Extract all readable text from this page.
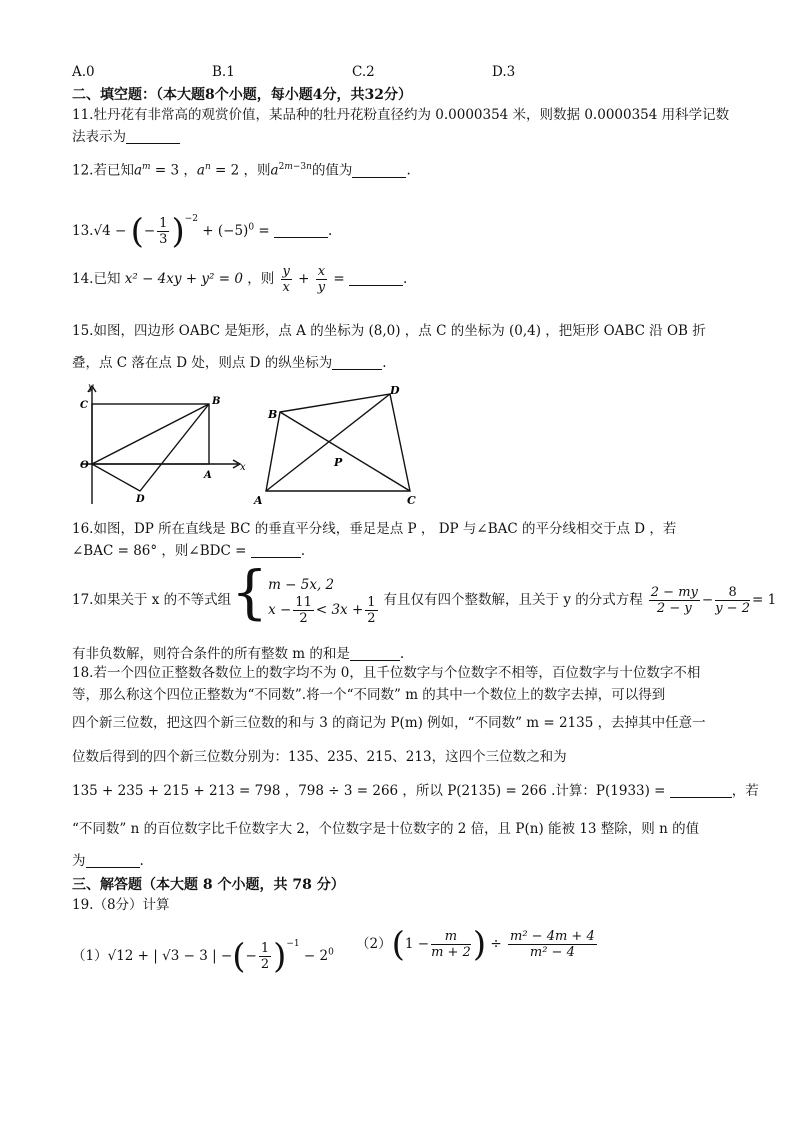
A.0	B.1	C.2	D.3
二、填空题：（本大题8个小题，每小题4分，共32分）
11.牡丹花有非常高的观赏价值，某品种的牡丹花粉直径约为 0.0000354 米，则数据 0.0000354 用科学记数
法表示为
12.若已知$a^m = 3$ ，$a^n = 2$ ，则$a^{2m-3n}$的值为	.
13.√4 − (− $\frac{1}{3} )^{-2} + (-5)^0$ =	.
14.已知 x² − 4xy + y² = 0 ，则 $\frac{y}{x} + \frac{x}{y}$ =	.
15.如图，四边形 OABC 是矩形，点 A 的坐标为 (8,0) ，点 C 的坐标为 (0,4) ，把矩形 OABC 沿 OB 折
叠，点 C 落在点 D 处，则点 D 的纵坐标为	.
y
x
C	B
O
A
D
B
D
P
A	C
16.如图，DP 所在直线是 BC 的垂直平分线，垂足是点 P ， DP 与∠BAC 的平分线相交于点 D ，若
∠BAC = 86° ，则∠BDC =	.
17.如果关于 x 的不等式组{ m − 5x, 2
$x - \frac{11}{2} < 3x + \frac{1}{2}$ 有且仅有四个整数解，且关于 y 的分式方程 $\frac{2 - my}{2 - y} - \frac{8}{y - 2} = 1$
有非负数解，则符合条件的所有整数 m 的和是	.
18.若一个四位正整数各数位上的数字均不为 0，且千位数字与个位数字不相等，百位数字与十位数字不相
等，那么称这个四位正整数为“不同数”.将一个“不同数” m 的其中一个数位上的数字去掉，可以得到
四个新三位数，把这四个新三位数的和与 3 的商记为 P(m) 例如，“不同数” m = 2135 ，去掉其中任意一
位数后得到的四个新三位数分别为：135、235、215、213，这四个三位数之和为
135 + 235 + 215 + 213 = 798 ，798 ÷ 3 = 266 ，所以 P(2135) = 266 .计算：P(1933) =	，若
“不同数” n 的百位数字比千位数字大 2，个位数字是十位数字的 2 倍，且 P(n) 能被 13 整除，则 n 的值
为	.
三、解答题（本大题 8 个小题，共 78 分）
19.（8分）计算
（1）√12 + | √3 − 3 | −(− $\frac{1}{2} )^{-1} - 2^0$
$(2)(1 - \frac{m}{m + 2}$ ) ÷ $\frac{\text{m² − 4m + 4}}{\text{m² − 4}}$
